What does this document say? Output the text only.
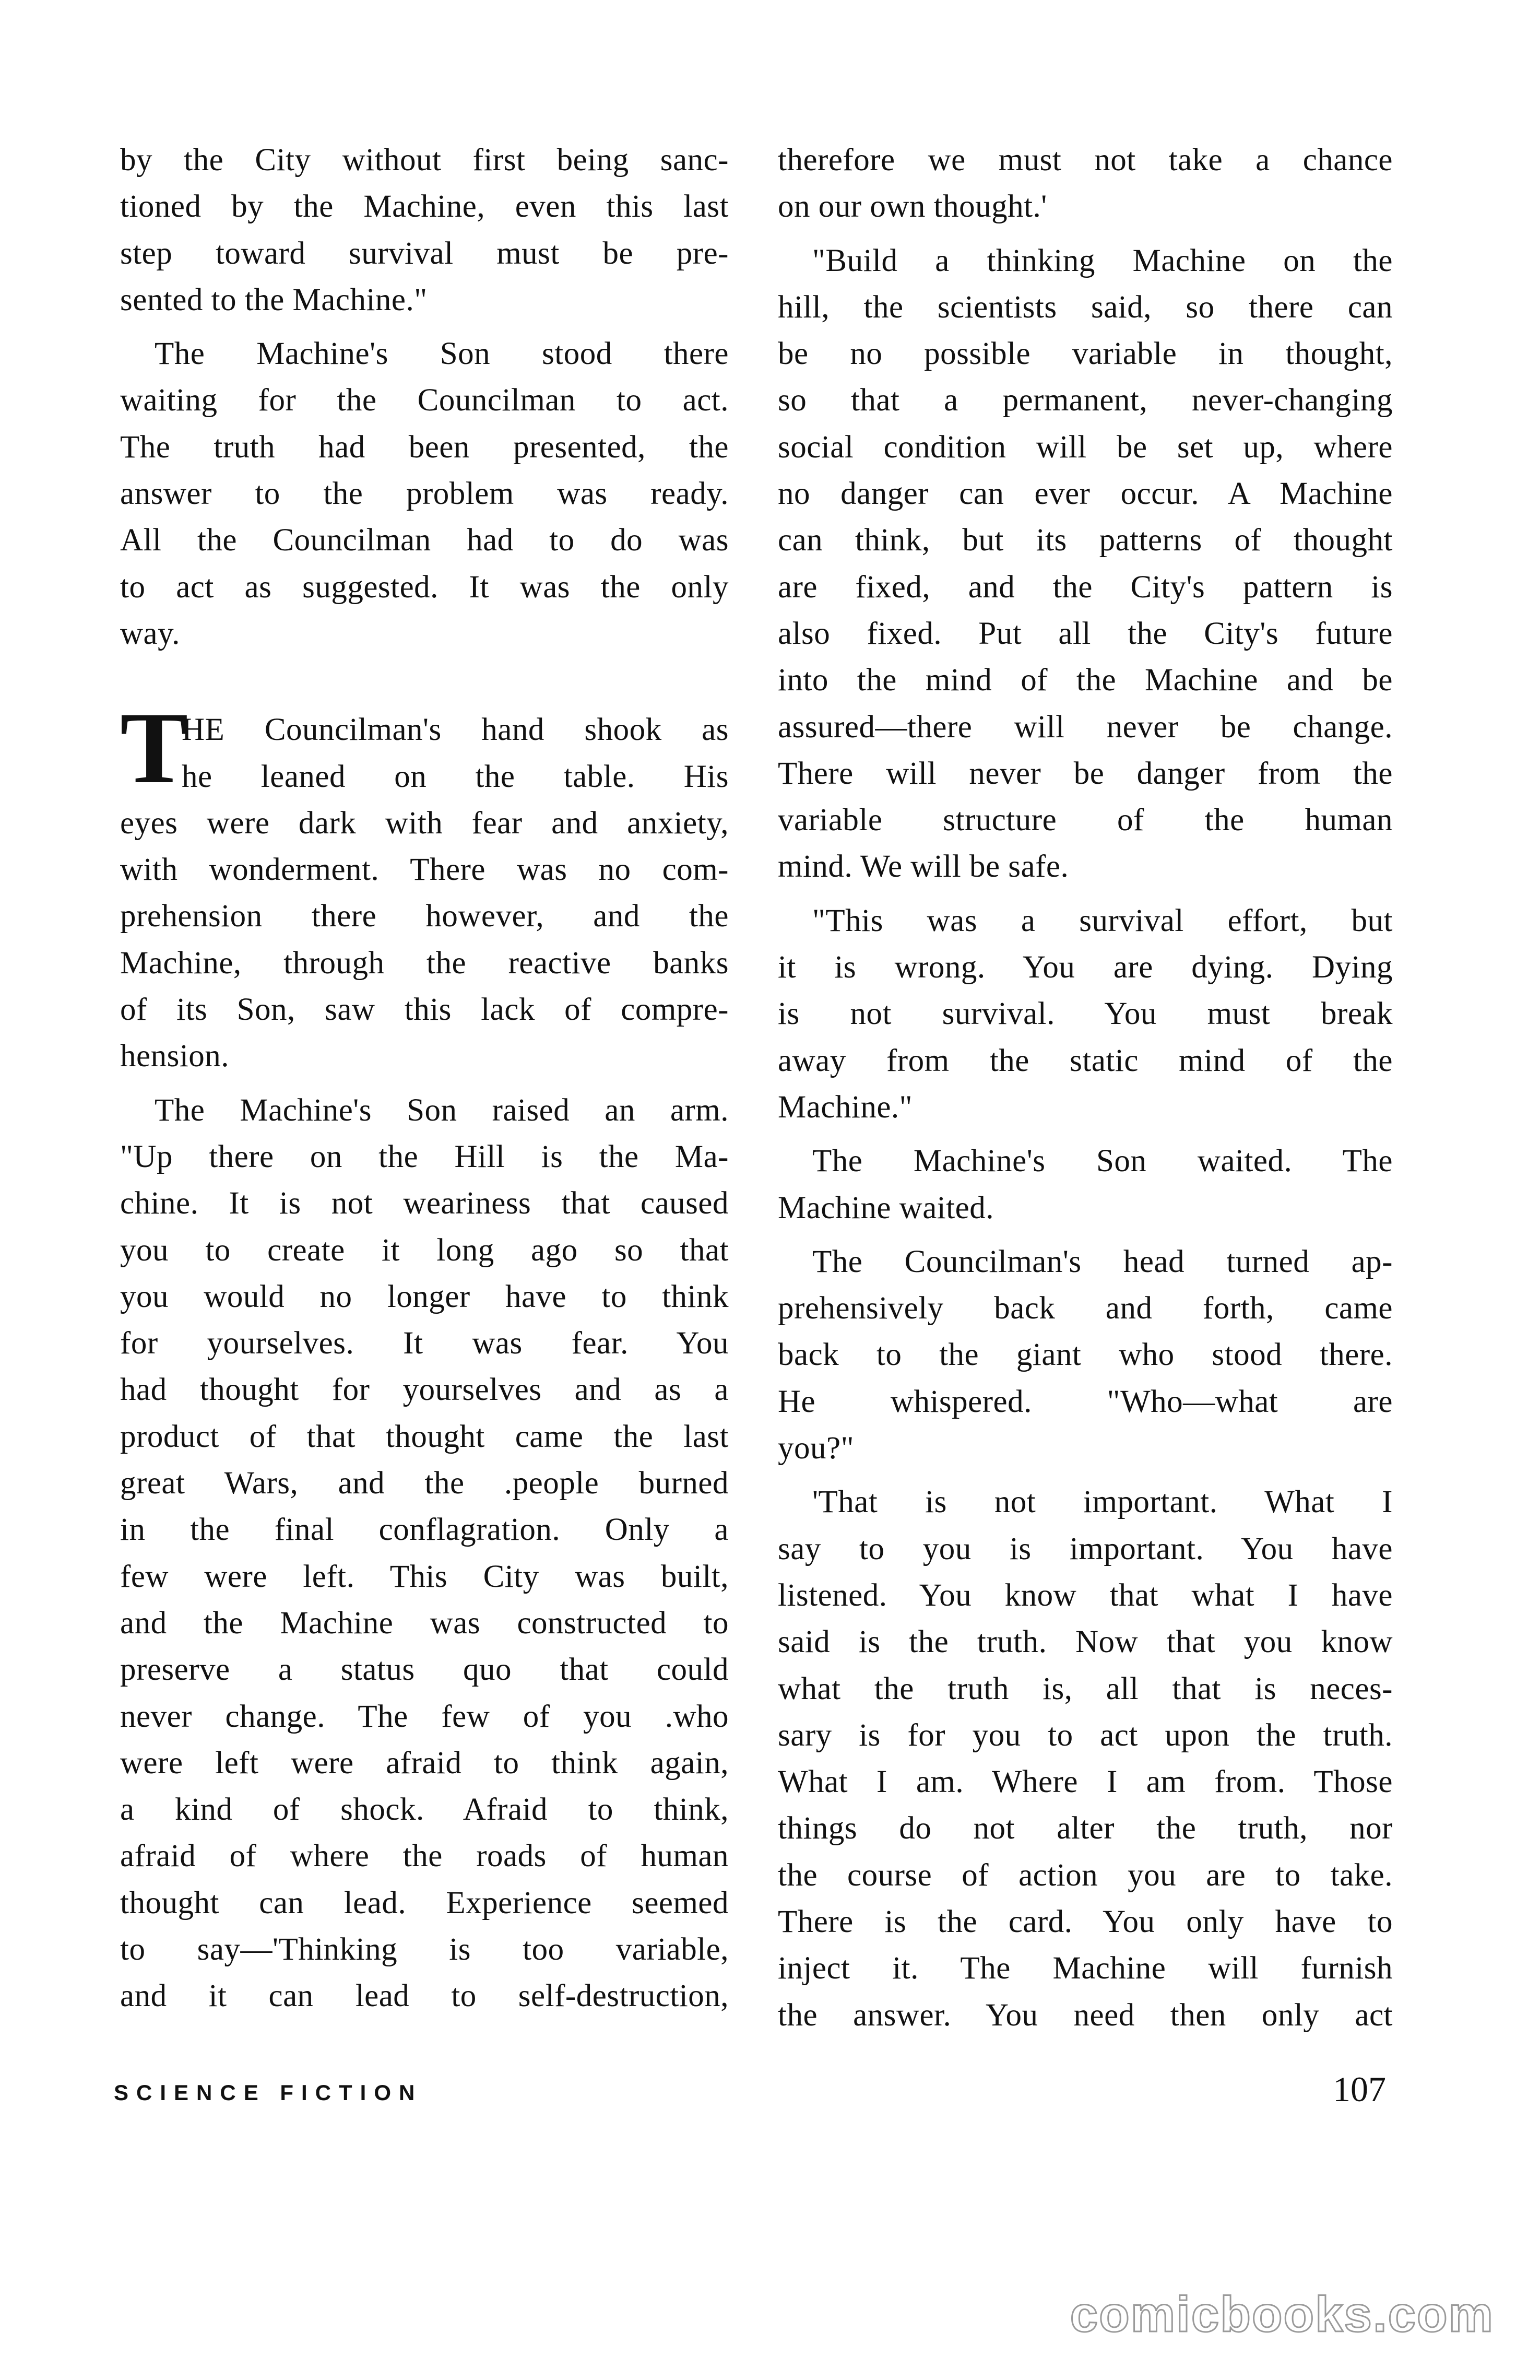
by the City without first being sanc-
tioned by the Machine, even this last
step toward survival must be pre-
sented to the Machine."
The Machine's Son stood there
waiting for the Councilman to act.
The truth had been presented, the
answer to the problem was ready.
All the Councilman had to do was
to act as suggested. It was the only
way.
T
HE Councilman's hand shook as
he leaned on the table. His
eyes were dark with fear and anxiety,
with wonderment. There was no com-
prehension there however, and the
Machine, through the reactive banks
of its Son, saw this lack of compre-
hension.
The Machine's Son raised an arm.
"Up there on the Hill is the Ma-
chine. It is not weariness that caused
you to create it long ago so that
you would no longer have to think
for yourselves. It was fear. You
had thought for yourselves and as a
product of that thought came the last
great Wars, and the .people burned
in the final conflagration. Only a
few were left. This City was built,
and the Machine was constructed to
preserve a status quo that could
never change. The few of you .who
were left were afraid to think again,
a kind of shock. Afraid to think,
afraid of where the roads of human
thought can lead. Experience seemed
to say—'Thinking is too variable,
and it can lead to self-destruction,
therefore we must not take a chance
on our own thought.'
"Build a thinking Machine on the
hill, the scientists said, so there can
be no possible variable in thought,
so that a permanent, never-changing
social condition will be set up, where
no danger can ever occur. A Machine
can think, but its patterns of thought
are fixed, and the City's pattern is
also fixed. Put all the City's future
into the mind of the Machine and be
assured—there will never be change.
There will never be danger from the
variable structure of the human
mind. We will be safe.
"This was a survival effort, but
it is wrong. You are dying. Dying
is not survival. You must break
away from the static mind of the
Machine."
The Machine's Son waited. The
Machine waited.
The Councilman's head turned ap-
prehensively back and forth, came
back to the giant who stood there.
He whispered. "Who—what are
you?"
'That is not important. What I
say to you is important. You have
listened. You know that what I have
said is the truth. Now that you know
what the truth is, all that is neces-
sary is for you to act upon the truth.
What I am. Where I am from. Those
things do not alter the truth, nor
the course of action you are to take.
There is the card. You only have to
inject it. The Machine will furnish
the answer. You need then only act
SCIENCE FICTION	107
comicbooks.com
